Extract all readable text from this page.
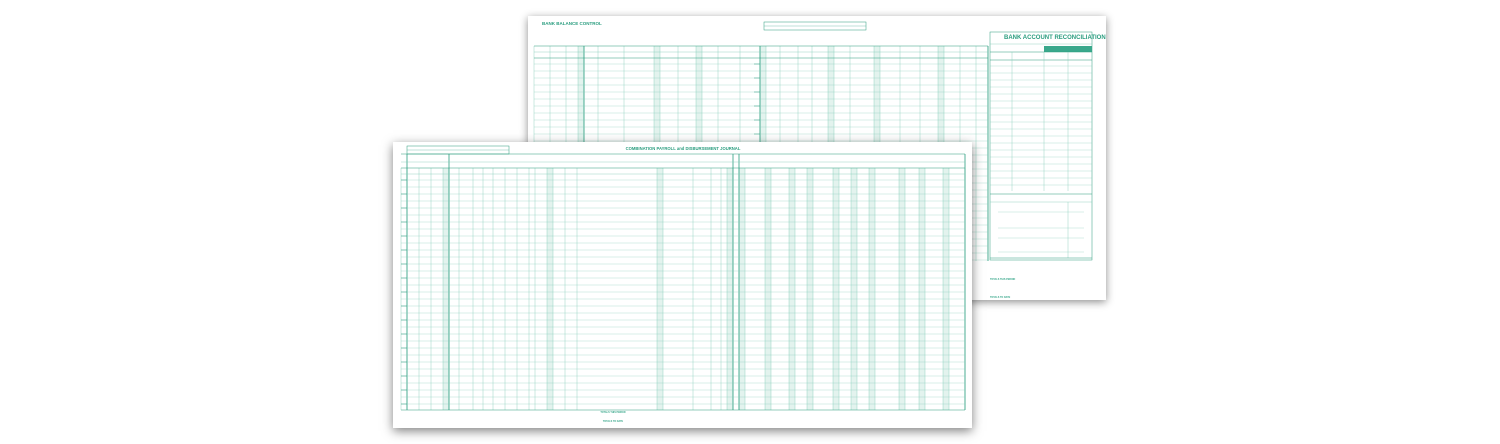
BANK BALANCE CONTROL
BANK ACCOUNT RECONCILIATION
TOTALS THIS PERIOD
TOTALS TO DATE
COMBINATION PAYROLL and DISBURSEMENT JOURNAL
TOTALS THIS PERIOD
TOTALS TO DATE
